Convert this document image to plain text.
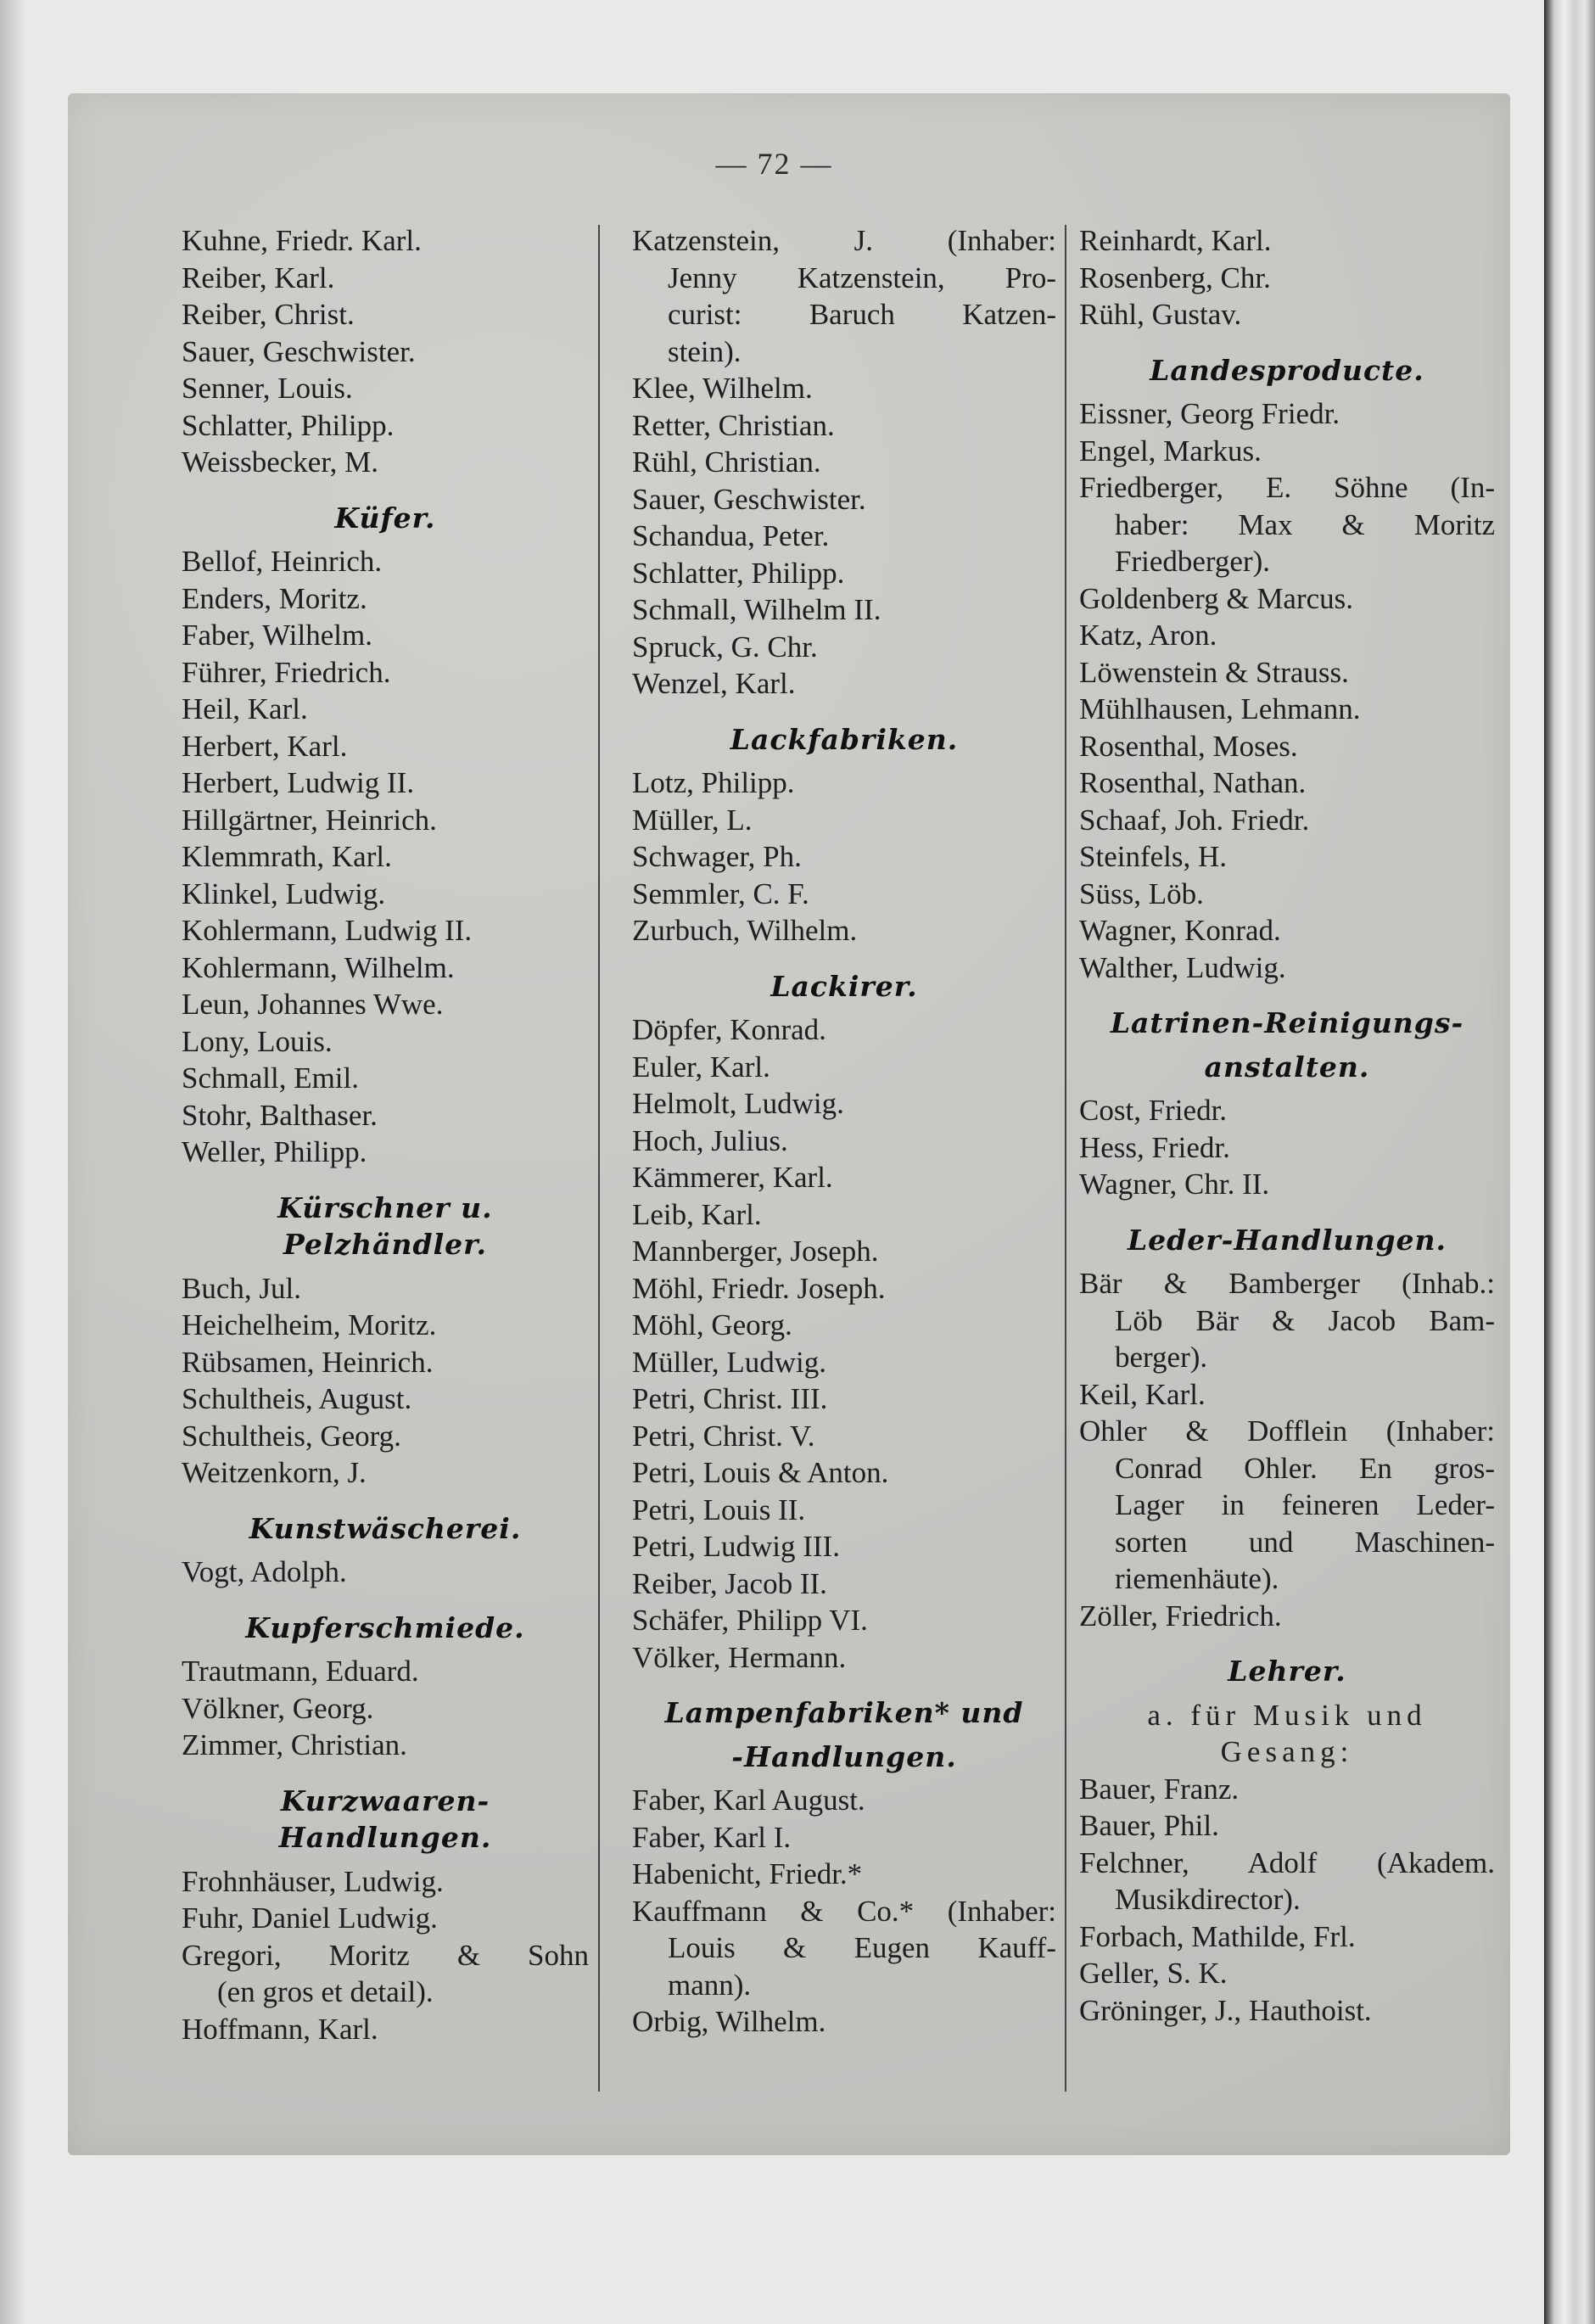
— 72 —
Kuhne, Friedr. Karl.
Reiber, Karl.
Reiber, Christ.
Sauer, Geschwister.
Senner, Louis.
Schlatter, Philipp.
Weissbecker, M.
Küfer.
Bellof, Heinrich.
Enders, Moritz.
Faber, Wilhelm.
Führer, Friedrich.
Heil, Karl.
Herbert, Karl.
Herbert, Ludwig II.
Hillgärtner, Heinrich.
Klemmrath, Karl.
Klinkel, Ludwig.
Kohlermann, Ludwig II.
Kohlermann, Wilhelm.
Leun, Johannes Wwe.
Lony, Louis.
Schmall, Emil.
Stohr, Balthaser.
Weller, Philipp.
Kürschner u. Pelzhändler.
Buch, Jul.
Heichelheim, Moritz.
Rübsamen, Heinrich.
Schultheis, August.
Schultheis, Georg.
Weitzenkorn, J.
Kunstwäscherei.
Vogt, Adolph.
Kupferschmiede.
Trautmann, Eduard.
Völkner, Georg.
Zimmer, Christian.
Kurzwaaren-Handlungen.
Frohnhäuser, Ludwig.
Fuhr, Daniel Ludwig.
Gregori, Moritz & Sohn
(en gros et detail).
Hoffmann, Karl.
Katzenstein, J. (Inhaber:
Jenny Katzenstein, Pro-
curist: Baruch Katzen-
stein).
Klee, Wilhelm.
Retter, Christian.
Rühl, Christian.
Sauer, Geschwister.
Schandua, Peter.
Schlatter, Philipp.
Schmall, Wilhelm II.
Spruck, G. Chr.
Wenzel, Karl.
Lackfabriken.
Lotz, Philipp.
Müller, L.
Schwager, Ph.
Semmler, C. F.
Zurbuch, Wilhelm.
Lackirer.
Döpfer, Konrad.
Euler, Karl.
Helmolt, Ludwig.
Hoch, Julius.
Kämmerer, Karl.
Leib, Karl.
Mannberger, Joseph.
Möhl, Friedr. Joseph.
Möhl, Georg.
Müller, Ludwig.
Petri, Christ. III.
Petri, Christ. V.
Petri, Louis & Anton.
Petri, Louis II.
Petri, Ludwig III.
Reiber, Jacob II.
Schäfer, Philipp VI.
Völker, Hermann.
Lampenfabriken* und
-Handlungen.
Faber, Karl August.
Faber, Karl I.
Habenicht, Friedr.*
Kauffmann & Co.* (Inhaber:
Louis & Eugen Kauff-
mann).
Orbig, Wilhelm.
Reinhardt, Karl.
Rosenberg, Chr.
Rühl, Gustav.
Landesproducte.
Eissner, Georg Friedr.
Engel, Markus.
Friedberger, E. Söhne (In-
haber: Max & Moritz
Friedberger).
Goldenberg & Marcus.
Katz, Aron.
Löwenstein & Strauss.
Mühlhausen, Lehmann.
Rosenthal, Moses.
Rosenthal, Nathan.
Schaaf, Joh. Friedr.
Steinfels, H.
Süss, Löb.
Wagner, Konrad.
Walther, Ludwig.
Latrinen-Reinigungs-
anstalten.
Cost, Friedr.
Hess, Friedr.
Wagner, Chr. II.
Leder-Handlungen.
Bär & Bamberger (Inhab.:
Löb Bär & Jacob Bam-
berger).
Keil, Karl.
Ohler & Dofflein (Inhaber:
Conrad Ohler. En gros-
Lager in feineren Leder-
sorten und Maschinen-
riemenhäute).
Zöller, Friedrich.
Lehrer.
a. für Musik und
Gesang:
Bauer, Franz.
Bauer, Phil.
Felchner, Adolf (Akadem.
Musikdirector).
Forbach, Mathilde, Frl.
Geller, S. K.
Gröninger, J., Hauthoist.
